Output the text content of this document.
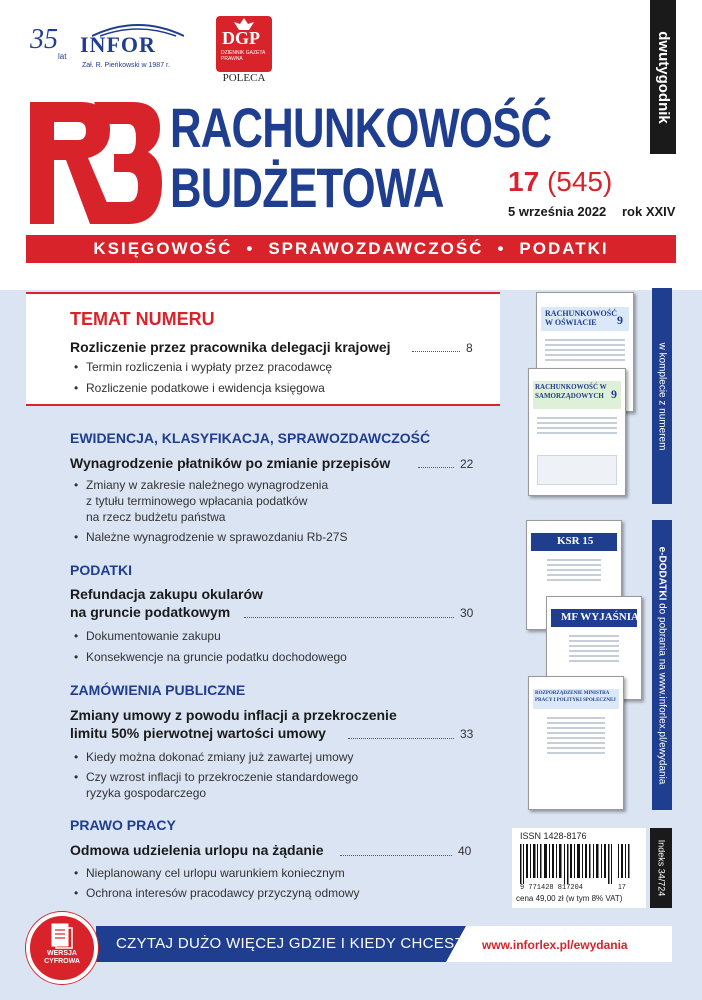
35
lat INFOR
Zał. R. Pieńkowski w 1987 r.
DGP
DZIENNIK GAZETA PRAWNA
POLECA
RACHUNKOWOŚĆ
BUDŻETOWA 17 (545)
5 września 2022 rok XXIV
dwutygodnik
KSIĘGOWOŚĆ • SPRAWOZDAWCZOŚĆ • PODATKI
TEMAT NUMERU
Rozliczenie przez pracownika delegacji krajowej	8
• Termin rozliczenia i wypłaty przez pracodawcę
• Rozliczenie podatkowe i ewidencja księgowa
EWIDENCJA, KLASYFIKACJA, SPRAWOZDAWCZOŚĆ
Wynagrodzenie płatników po zmianie przepisów	22
• Zmiany w zakresie należnego wynagrodzenia
z tytułu terminowego wpłacania podatków
na rzecz budżetu państwa
• Należne wynagrodzenie w sprawozdaniu Rb-27S
PODATKI
Refundacja zakupu okularów
na gruncie podatkowym	30
• Dokumentowanie zakupu
• Konsekwencje na gruncie podatku dochodowego
ZAMÓWIENIA PUBLICZNE
Zmiany umowy z powodu inflacji a przekroczenie
limitu 50% pierwotnej wartości umowy	33
• Kiedy można dokonać zmiany już zawartej umowy
• Czy wzrost inflacji to przekroczenie standardowego
ryzyka gospodarczego
PRAWO PRACY
Odmowa udzielenia urlopu na żądanie	40
• Nieplanowany cel urlopu warunkiem koniecznym
• Ochrona interesów pracodawcy przyczyną odmowy
w komplecie z numerem
e-DODATKI do pobrania na www.inforlex.pl/ewydania
RACHUNKOWOŚĆ W OŚWIACIE	9
RACHUNKOWOŚĆ W SAMORZĄDOWYCH 9
KSR 15
MF WYJAŚNIA
ROZPORZĄDZENIE MINISTRA PRACY I POLITYKI SPOŁECZNEJ
ISSN 1428-8176
9 771428 817204	17
cena 49,00 zł (w tym 8% VAT)
Indeks 34/724
CZYTAJ DUŻO WIĘCEJ GDZIE I KIEDY CHCESZ www.inforlex.pl/ewydania
WERSJA
CYFROWA
